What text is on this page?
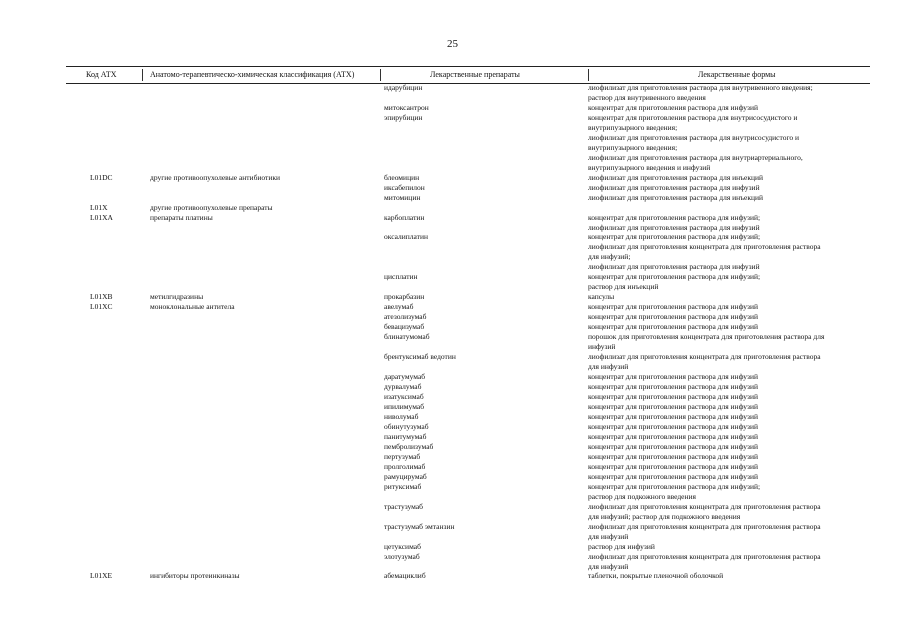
25
Код АТХ	Анатомо-терапевтическо-химическая классификация (АТХ)	Лекарственные препараты	Лекарственные формы
идарубицин	лиофилизат для приготовления раствора для внутривенного введения;
раствор для внутривенного введения
митоксантрон	концентрат для приготовления раствора для инфузий
эпирубицин	концентрат для приготовления раствора для внутрисосудистого и
внутрипузырного введения;
лиофилизат для приготовления раствора для внутрисосудистого и
внутрипузырного введения;
лиофилизат для приготовления раствора для внутриартериального,
внутрипузырного введения и инфузий
L01DC	другие противоопухолевые антибиотики	блеомицин	лиофилизат для приготовления раствора для инъекций
иксабепилон	лиофилизат для приготовления раствора для инфузий
митомицин	лиофилизат для приготовления раствора для инъекций
L01X	другие противоопухолевые препараты
L01XA	препараты платины	карбоплатин	концентрат для приготовления раствора для инфузий;
лиофилизат для приготовления раствора для инфузий
оксалиплатин	концентрат для приготовления раствора для инфузий;
лиофилизат для приготовления концентрата для приготовления раствора
для инфузий;
лиофилизат для приготовления раствора для инфузий
цисплатин	концентрат для приготовления раствора для инфузий;
раствор для инъекций
L01XB	метилгидразины	прокарбазин	капсулы
L01XC	моноклональные антитела	авелумаб	концентрат для приготовления раствора для инфузий
атезолизумаб	концентрат для приготовления раствора для инфузий
бевацизумаб	концентрат для приготовления раствора для инфузий
блинатумомаб	порошок для приготовления концентрата для приготовления раствора для
инфузий
брентуксимаб ведотин	лиофилизат для приготовления концентрата для приготовления раствора
для инфузий
даратумумаб	концентрат для приготовления раствора для инфузий
дурвалумаб	концентрат для приготовления раствора для инфузий
изатуксимаб	концентрат для приготовления раствора для инфузий
ипилимумаб	концентрат для приготовления раствора для инфузий
ниволумаб	концентрат для приготовления раствора для инфузий
обинутузумаб	концентрат для приготовления раствора для инфузий
панитумумаб	концентрат для приготовления раствора для инфузий
пембролизумаб	концентрат для приготовления раствора для инфузий
пертузумаб	концентрат для приготовления раствора для инфузий
пролголимаб	концентрат для приготовления раствора для инфузий
рамуцирумаб	концентрат для приготовления раствора для инфузий
ритуксимаб	концентрат для приготовления раствора для инфузий;
раствор для подкожного введения
трастузумаб	лиофилизат для приготовления концентрата для приготовления раствора
для инфузий; раствор для подкожного введения
трастузумаб эмтанзин	лиофилизат для приготовления концентрата для приготовления раствора
для инфузий
цетуксимаб	раствор для инфузий
элотузумаб	лиофилизат для приготовления концентрата для приготовления раствора
для инфузий
L01XE	ингибиторы протеинкиназы	абемациклиб	таблетки, покрытые пленочной оболочкой
